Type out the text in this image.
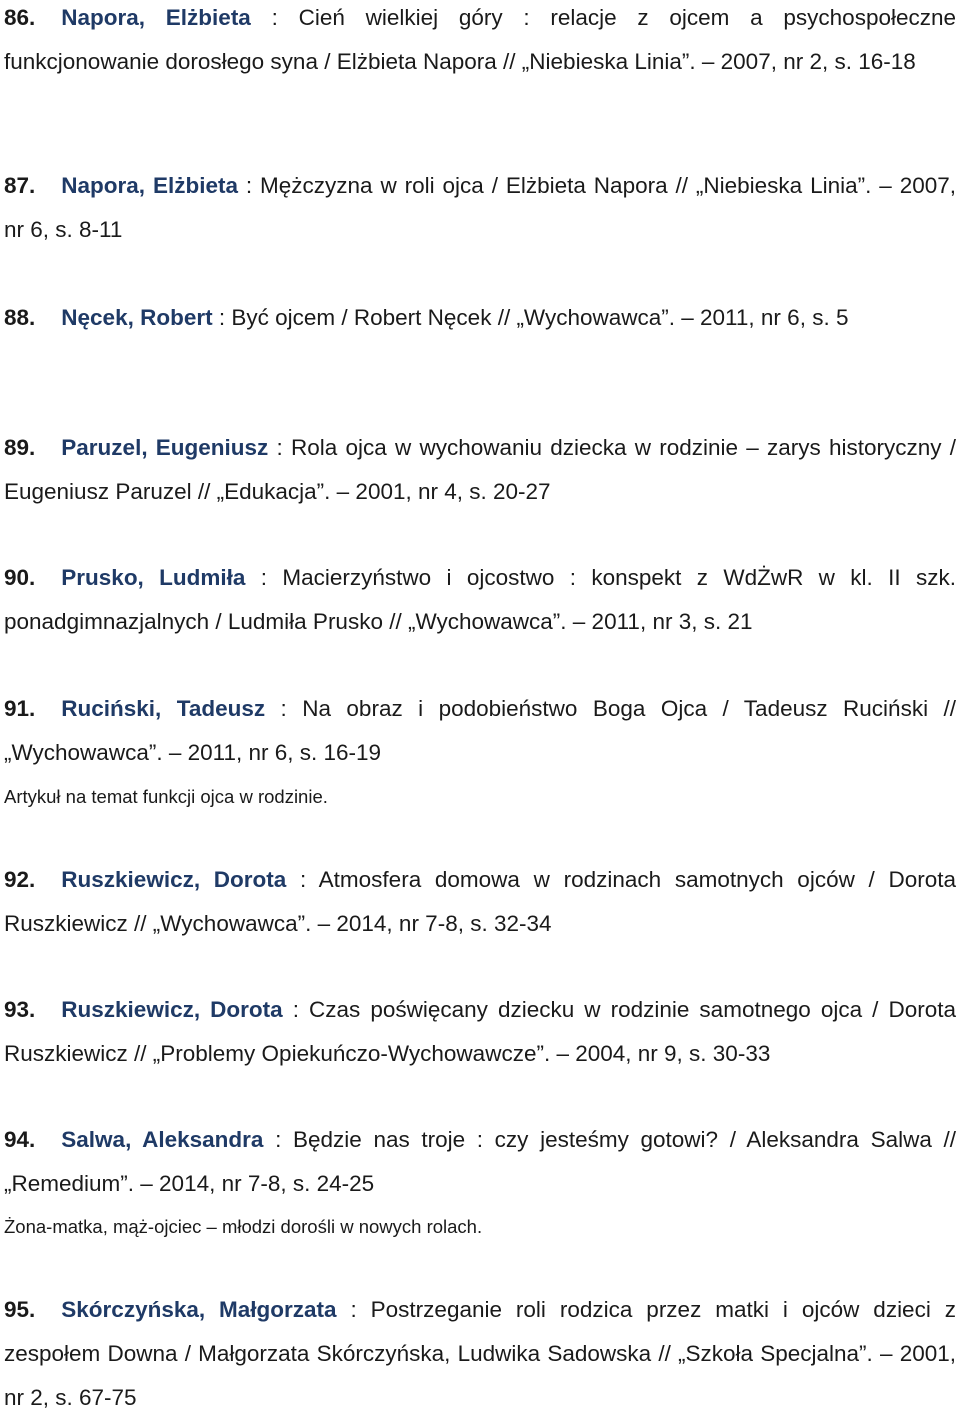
86. Napora, Elżbieta : Cień wielkiej góry : relacje z ojcem a psychospołeczne funkcjonowanie dorosłego syna / Elżbieta Napora // „Niebieska Linia”. – 2007, nr 2, s. 16-18

87. Napora, Elżbieta : Mężczyzna w roli ojca / Elżbieta Napora // „Niebieska Linia”. – 2007, nr 6, s. 8-11

88. Nęcek, Robert : Być ojcem / Robert Nęcek // „Wychowawca”. – 2011, nr 6, s. 5

89. Paruzel, Eugeniusz : Rola ojca w wychowaniu dziecka w rodzinie – zarys historyczny / Eugeniusz Paruzel // „Edukacja”. – 2001, nr 4, s. 20-27

90. Prusko, Ludmiła : Macierzyństwo i ojcostwo : konspekt z WdŻwR w kl. II szk. ponadgimnazjalnych / Ludmiła Prusko // „Wychowawca”. – 2011, nr 3, s. 21

91. Ruciński, Tadeusz : Na obraz i podobieństwo Boga Ojca / Tadeusz Ruciński // „Wychowawca”. – 2011, nr 6, s. 16-19

Artykuł na temat funkcji ojca w rodzinie.

92. Ruszkiewicz, Dorota : Atmosfera domowa w rodzinach samotnych ojców / Dorota Ruszkiewicz // „Wychowawca”. – 2014, nr 7-8, s. 32-34

93. Ruszkiewicz, Dorota : Czas poświęcany dziecku w rodzinie samotnego ojca / Dorota Ruszkiewicz // „Problemy Opiekuńczo-Wychowawcze”. – 2004, nr 9, s. 30-33

94. Salwa, Aleksandra : Będzie nas troje : czy jesteśmy gotowi? / Aleksandra Salwa // „Remedium”. – 2014, nr 7-8, s. 24-25

Żona-matka, mąż-ojciec – młodzi dorośli w nowych rolach.

95. Skórczyńska, Małgorzata : Postrzeganie roli rodzica przez matki i ojców dzieci z zespołem Downa / Małgorzata Skórczyńska, Ludwika Sadowska // „Szkoła Specjalna”. – 2001, nr 2, s. 67-75
